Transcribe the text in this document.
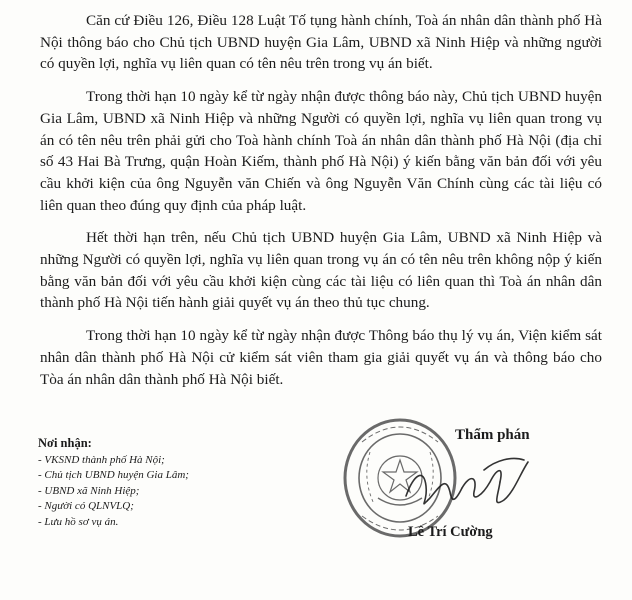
Căn cứ Điều 126, Điều 128 Luật Tố tụng hành chính, Toà án nhân dân thành phố Hà Nội thông báo cho Chủ tịch UBND huyện Gia Lâm, UBND xã Ninh Hiệp và những người có quyền lợi, nghĩa vụ liên quan có tên nêu trên trong vụ án biết.

Trong thời hạn 10 ngày kể từ ngày nhận được thông báo này, Chủ tịch UBND huyện Gia Lâm, UBND xã Ninh Hiệp và những Người có quyền lợi, nghĩa vụ liên quan trong vụ án có tên nêu trên phải gửi cho Toà hành chính Toà án nhân dân thành phố Hà Nội (địa chỉ số 43 Hai Bà Trưng, quận Hoàn Kiếm, thành phố Hà Nội) ý kiến bằng văn bản đối với yêu cầu khởi kiện của ông Nguyễn văn Chiến và ông Nguyễn Văn Chính cùng các tài liệu có liên quan theo đúng quy định của pháp luật.

Hết thời hạn trên, nếu Chủ tịch UBND huyện Gia Lâm, UBND xã Ninh Hiệp và những Người có quyền lợi, nghĩa vụ liên quan trong vụ án có tên nêu trên không nộp ý kiến bằng văn bản đối với yêu cầu khởi kiện cùng các tài liệu có liên quan thì Toà án nhân dân thành phố Hà Nội tiến hành giải quyết vụ án theo thủ tục chung.

Trong thời hạn 10 ngày kể từ ngày nhận được Thông báo thụ lý vụ án, Viện kiểm sát nhân dân thành phố Hà Nội cử kiểm sát viên tham gia giải quyết vụ án và thông báo cho Tòa án nhân dân thành phố Hà Nội biết.

Nơi nhận:
- VKSND thành phố Hà Nội;
- Chủ tịch UBND huyện Gia Lâm;
- UBND xã Ninh Hiệp;
- Người có QLNVLQ;
- Lưu hồ sơ vụ án.
Thẩm phán
Lê Trí Cường
